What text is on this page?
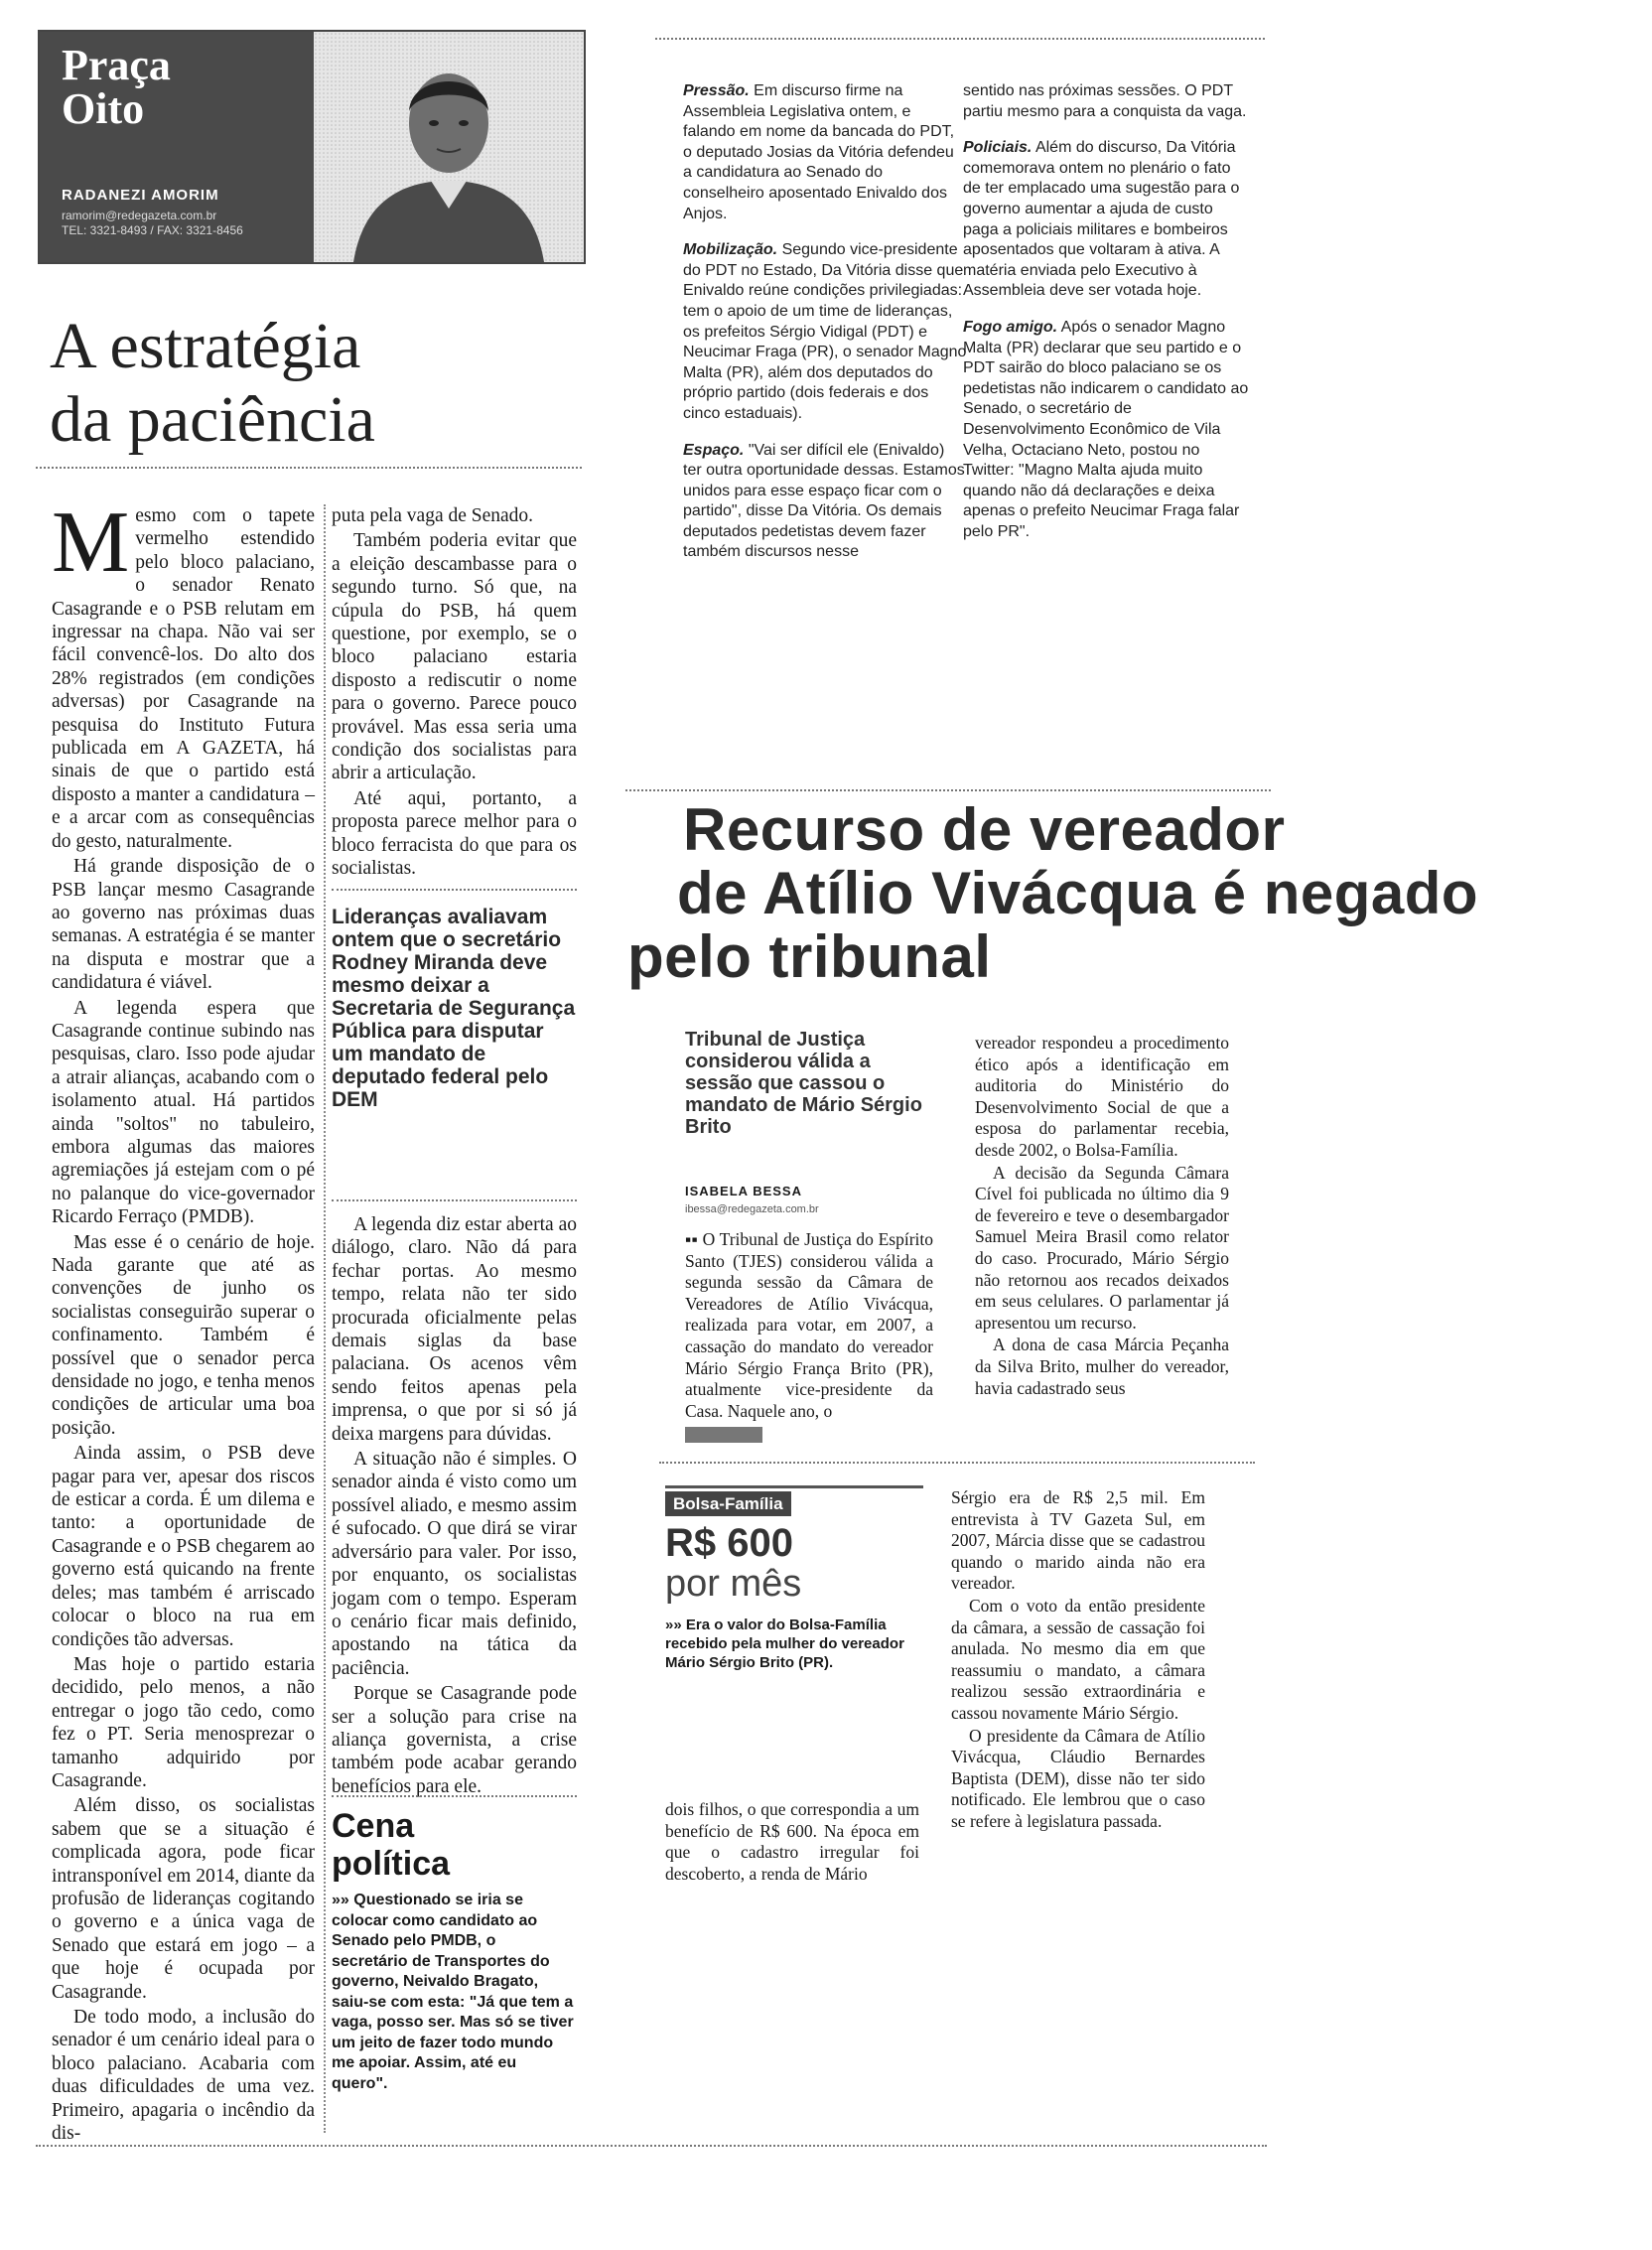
Praça
Oito
RADANEZI AMORIM
ramorim@redegazeta.com.br
TEL: 3321-8493 / FAX: 3321-8456
A estratégia
da paciência
M esmo com o tapete vermelho estendido pelo bloco palaciano, o senador Renato Casagrande e o PSB relutam em ingressar na chapa. Não vai ser fácil convencê-los. Do alto dos 28% registrados (em condições adversas) por Casagrande na pesquisa do Instituto Futura publicada em A GAZETA, há sinais de que o partido está disposto a manter a candidatura – e a arcar com as consequências do gesto, naturalmente.

Há grande disposição de o PSB lançar mesmo Casagrande ao governo nas próximas duas semanas. A estratégia é se manter na disputa e mostrar que a candidatura é viável.

A legenda espera que Casagrande continue subindo nas pesquisas, claro. Isso pode ajudar a atrair alianças, acabando com o isolamento atual. Há partidos ainda "soltos" no tabuleiro, embora algumas das maiores agremiações já estejam com o pé no palanque do vice-governador Ricardo Ferraço (PMDB).

Mas esse é o cenário de hoje. Nada garante que até as convenções de junho os socialistas conseguirão superar o confinamento. Também é possível que o senador perca densidade no jogo, e tenha menos condições de articular uma boa posição.

Ainda assim, o PSB deve pagar para ver, apesar dos riscos de esticar a corda. É um dilema e tanto: a oportunidade de Casagrande e o PSB chegarem ao governo está quicando na frente deles; mas também é arriscado colocar o bloco na rua em condições tão adversas.

Mas hoje o partido estaria decidido, pelo menos, a não entregar o jogo tão cedo, como fez o PT. Seria menosprezar o tamanho adquirido por Casagrande.

Além disso, os socialistas sabem que se a situação é complicada agora, pode ficar intransponível em 2014, diante da profusão de lideranças cogitando o governo e a única vaga de Senado que estará em jogo – a que hoje é ocupada por Casagrande.

De todo modo, a inclusão do senador é um cenário ideal para o bloco palaciano. Acabaria com duas dificuldades de uma vez. Primeiro, apagaria o incêndio da dis-

puta pela vaga de Senado.

Também poderia evitar que a eleição descambasse para o segundo turno. Só que, na cúpula do PSB, há quem questione, por exemplo, se o bloco palaciano estaria disposto a rediscutir o nome para o governo. Parece pouco provável. Mas essa seria uma condição dos socialistas para abrir a articulação.

Até aqui, portanto, a proposta parece melhor para o bloco ferracista do que para os socialistas.

Lideranças avaliavam ontem que o secretário Rodney Miranda deve mesmo deixar a Secretaria de Segurança Pública para disputar um mandato de deputado federal pelo DEM

A legenda diz estar aberta ao diálogo, claro. Não dá para fechar portas. Ao mesmo tempo, relata não ter sido procurada oficialmente pelas demais siglas da base palaciana. Os acenos vêm sendo feitos apenas pela imprensa, o que por si só já deixa margens para dúvidas.

A situação não é simples. O senador ainda é visto como um possível aliado, e mesmo assim é sufocado. O que dirá se virar adversário para valer. Por isso, por enquanto, os socialistas jogam com o tempo. Esperam o cenário ficar mais definido, apostando na tática da paciência.

Porque se Casagrande pode ser a solução para crise na aliança governista, a crise também pode acabar gerando benefícios para ele.

Cena
política
»» Questionado se iria se colocar como candidato ao Senado pelo PMDB, o secretário de Transportes do governo, Neivaldo Bragato, saiu-se com esta: "Já que tem a vaga, posso ser. Mas só se tiver um jeito de fazer todo mundo me apoiar. Assim, até eu quero".

Pressão. Em discurso firme na Assembleia Legislativa ontem, e falando em nome da bancada do PDT, o deputado Josias da Vitória defendeu a candidatura ao Senado do conselheiro aposentado Enivaldo dos Anjos.

Mobilização. Segundo vice-presidente do PDT no Estado, Da Vitória disse que Enivaldo reúne condições privilegiadas: tem o apoio de um time de lideranças, os prefeitos Sérgio Vidigal (PDT) e Neucimar Fraga (PR), o senador Magno Malta (PR), além dos deputados do próprio partido (dois federais e dos cinco estaduais).

Espaço. "Vai ser difícil ele (Enivaldo) ter outra oportunidade dessas. Estamos unidos para esse espaço ficar com o partido", disse Da Vitória. Os demais deputados pedetistas devem fazer também discursos nesse

sentido nas próximas sessões. O PDT partiu mesmo para a conquista da vaga.

Policiais. Além do discurso, Da Vitória comemorava ontem no plenário o fato de ter emplacado uma sugestão para o governo aumentar a ajuda de custo paga a policiais militares e bombeiros aposentados que voltaram à ativa. A matéria enviada pelo Executivo à Assembleia deve ser votada hoje.

Fogo amigo. Após o senador Magno Malta (PR) declarar que seu partido e o PDT sairão do bloco palaciano se os pedetistas não indicarem o candidato ao Senado, o secretário de Desenvolvimento Econômico de Vila Velha, Octaciano Neto, postou no Twitter: "Magno Malta ajuda muito quando não dá declarações e deixa apenas o prefeito Neucimar Fraga falar pelo PR".

Recurso de vereador
de Atílio Vivácqua é negado
pelo tribunal
Tribunal de Justiça considerou válida a sessão que cassou o mandato de Mário Sérgio Brito
ISABELA BESSA
ibessa@redegazeta.com.br

▪▪ O Tribunal de Justiça do Espírito Santo (TJES) considerou válida a segunda sessão da Câmara de Vereadores de Atílio Vivácqua, realizada para votar, em 2007, a cassação do mandato do vereador Mário Sérgio França Brito (PR), atualmente vice-presidente da Casa. Naquele ano, o

vereador respondeu a procedimento ético após a identificação em auditoria do Ministério do Desenvolvimento Social de que a esposa do parlamentar recebia, desde 2002, o Bolsa-Família.

A decisão da Segunda Câmara Cível foi publicada no último dia 9 de fevereiro e teve o desembargador Samuel Meira Brasil como relator do caso. Procurado, Mário Sérgio não retornou aos recados deixados em seus celulares. O parlamentar já apresentou um recurso.

A dona de casa Márcia Peçanha da Silva Brito, mulher do vereador, havia cadastrado seus

Bolsa-Família
R$ 600
por mês
»» Era o valor do Bolsa-Família recebido pela mulher do vereador Mário Sérgio Brito (PR).

dois filhos, o que correspondia a um benefício de R$ 600. Na época em que o cadastro irregular foi descoberto, a renda de Mário

Sérgio era de R$ 2,5 mil. Em entrevista à TV Gazeta Sul, em 2007, Márcia disse que se cadastrou quando o marido ainda não era vereador.

Com o voto da então presidente da câmara, a sessão de cassação foi anulada. No mesmo dia em que reassumiu o mandato, a câmara realizou sessão extraordinária e cassou novamente Mário Sérgio.

O presidente da Câmara de Atílio Vivácqua, Cláudio Bernardes Baptista (DEM), disse não ter sido notificado. Ele lembrou que o caso se refere à legislatura passada.
